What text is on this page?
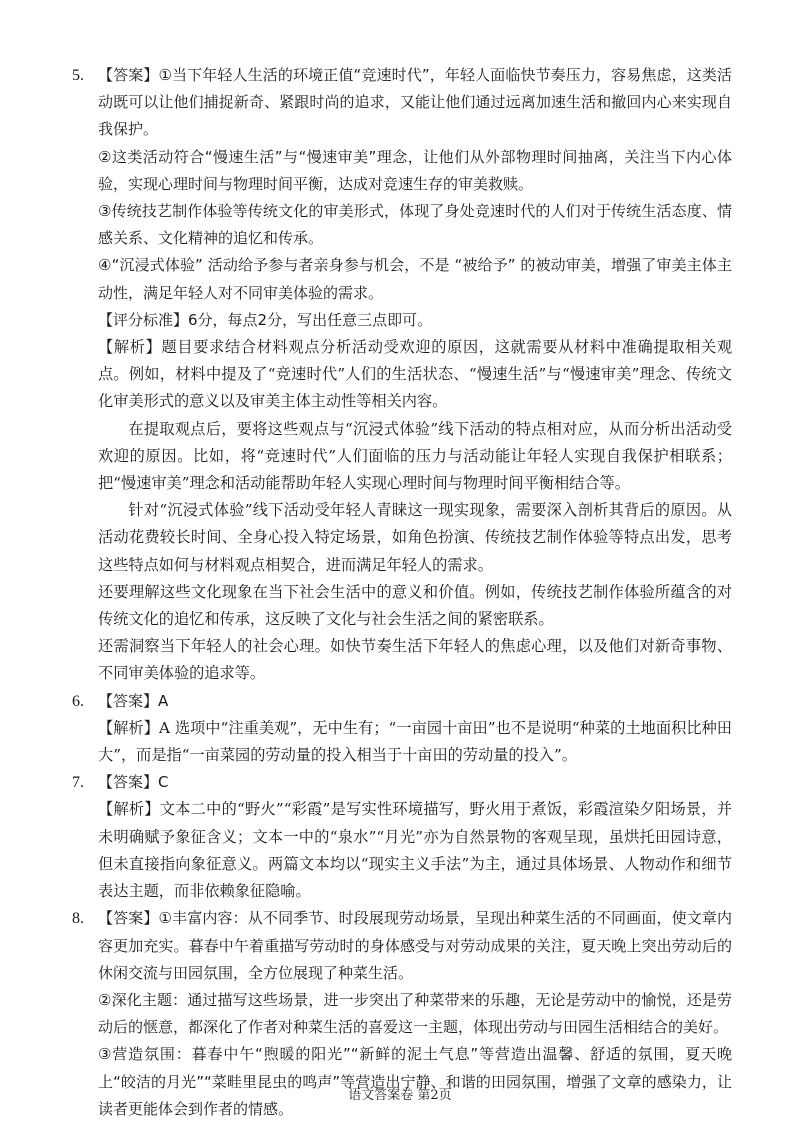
5. 【答案】①当下年轻人生活的环境正值“竞速时代”，年轻人面临快节奏压力，容易焦虑，这类活动既可以让他们捕捉新奇、紧跟时尚的追求，又能让他们通过远离加速生活和撤回内心来实现自我保护。

②这类活动符合“慢速生活”与“慢速审美”理念，让他们从外部物理时间抽离，关注当下内心体验，实现心理时间与物理时间平衡，达成对竞速生存的审美救赎。

③传统技艺制作体验等传统文化的审美形式，体现了身处竞速时代的人们对于传统生活态度、情感关系、文化精神的追忆和传承。

④“沉浸式体验” 活动给予参与者亲身参与机会，不是 “被给予” 的被动审美，增强了审美主体主动性，满足年轻人对不同审美体验的需求。

【评分标准】6分，每点2分，写出任意三点即可。

【解析】题目要求结合材料观点分析活动受欢迎的原因，这就需要从材料中准确提取相关观点。例如，材料中提及了“竞速时代”人们的生活状态、“慢速生活”与“慢速审美”理念、传统文化审美形式的意义以及审美主体主动性等相关内容。

在提取观点后，要将这些观点与“沉浸式体验”线下活动的特点相对应，从而分析出活动受欢迎的原因。比如，将“竞速时代”人们面临的压力与活动能让年轻人实现自我保护相联系；把“慢速审美”理念和活动能帮助年轻人实现心理时间与物理时间平衡相结合等。

针对“沉浸式体验”线下活动受年轻人青睐这一现实现象，需要深入剖析其背后的原因。从活动花费较长时间、全身心投入特定场景，如角色扮演、传统技艺制作体验等特点出发，思考这些特点如何与材料观点相契合，进而满足年轻人的需求。

还要理解这些文化现象在当下社会生活中的意义和价值。例如，传统技艺制作体验所蕴含的对传统文化的追忆和传承，这反映了文化与社会生活之间的紧密联系。

还需洞察当下年轻人的社会心理。如快节奏生活下年轻人的焦虑心理，以及他们对新奇事物、不同审美体验的追求等。

6. 【答案】A

【解析】A 选项中“注重美观”，无中生有；“一亩园十亩田”也不是说明“种菜的土地面积比种田大”，而是指“一亩菜园的劳动量的投入相当于十亩田的劳动量的投入”。

7. 【答案】C

【解析】文本二中的“野火”“彩霞”是写实性环境描写，野火用于煮饭，彩霞渲染夕阳场景，并未明确赋予象征含义；文本一中的“泉水”“月光”亦为自然景物的客观呈现，虽烘托田园诗意，但未直接指向象征意义。两篇文本均以“现实主义手法”为主，通过具体场景、人物动作和细节表达主题，而非依赖象征隐喻。

8. 【答案】①丰富内容：从不同季节、时段展现劳动场景，呈现出种菜生活的不同画面，使文章内容更加充实。暮春中午着重描写劳动时的身体感受与对劳动成果的关注，夏天晚上突出劳动后的休闲交流与田园氛围，全方位展现了种菜生活。

②深化主题：通过描写这些场景，进一步突出了种菜带来的乐趣，无论是劳动中的愉悦，还是劳动后的惬意，都深化了作者对种菜生活的喜爱这一主题，体现出劳动与田园生活相结合的美好。

③营造氛围：暮春中午“煦暖的阳光”“新鲜的泥土气息”等营造出温馨、舒适的氛围，夏天晚上“皎洁的月光”“菜畦里昆虫的鸣声”等营造出宁静、和谐的田园氛围，增强了文章的感染力，让读者更能体会到作者的情感。

语文答案卷 第2页
